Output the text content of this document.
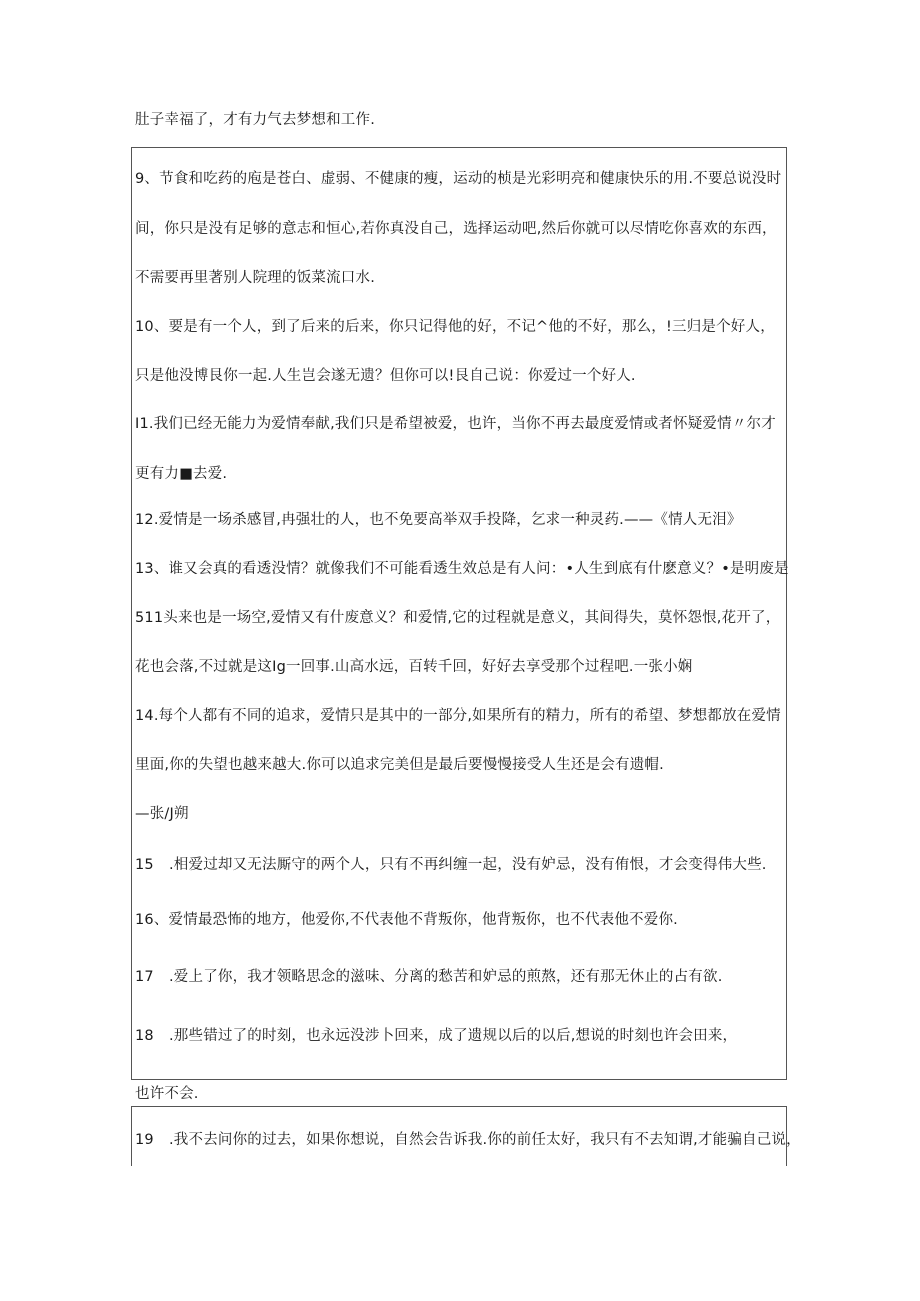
肚子幸福了，才有力气去梦想和工作.
9、节食和吃药的庖是苍白、虚弱、不健康的瘦，运动的桢是光彩明亮和健康快乐的用.不要总说没时
间，你只是没有足够的意志和恒心,若你真没自己，选择运动吧,然后你就可以尽情吃你喜欢的东西，
不需要再里著别人院理的饭菜流口水.
10、要是有一个人，到了后来的后来，你只记得他的好，不记^他的不好，那么，!三归是个好人，
只是他没博艮你一起.人生岂会遂无遗？但你可以!艮自己说：你爱过一个好人.
I1.我们已经无能力为爱情奉献,我们只是希望被爱，也许，当你不再去最度爱情或者怀疑爱情〃尔才
更有力■去爱.
12.爱情是一场杀感冒,冉强壮的人，也不免要高举双手投降，乞求一种灵药.——《情人无泪》
13、谁又会真的看透没情？就像我们不可能看透生效总是有人问：•人生到底有什麽意义？•是明废是
511头来也是一场空,爱情又有什废意义？和爱情,它的过程就是意义，其间得失，莫怀怨恨,花开了，
花也会落,不过就是这Ig一回事.山高水远，百转千回，好好去享受那个过程吧.一张小娴
14.每个人都有不同的追求，爱情只是其中的一部分,如果所有的精力，所有的希望、梦想都放在爱情
里面,你的失望也越来越大.你可以追求完美但是最后要慢慢接受人生还是会有遗帽.
—张/J朔
15 .相爱过却又无法厮守的两个人，只有不再纠缠一起，没有妒忌，没有侑恨，才会变得伟大些.
16、爱情最恐怖的地方，他爱你,不代表他不背叛你，他背叛你，也不代表他不爱你.
17 .爱上了你，我才领略思念的滋味、分离的愁苦和妒忌的煎熬，还有那无休止的占有欲.
18 .那些错过了的时刻，也永远没涉卜回来，成了遗规以后的以后,想说的时刻也许会田来，
也许不会.
19 .我不去问你的过去，如果你想说，自然会告诉我.你的前任太好，我只有不去知谓,才能骗自己说，
